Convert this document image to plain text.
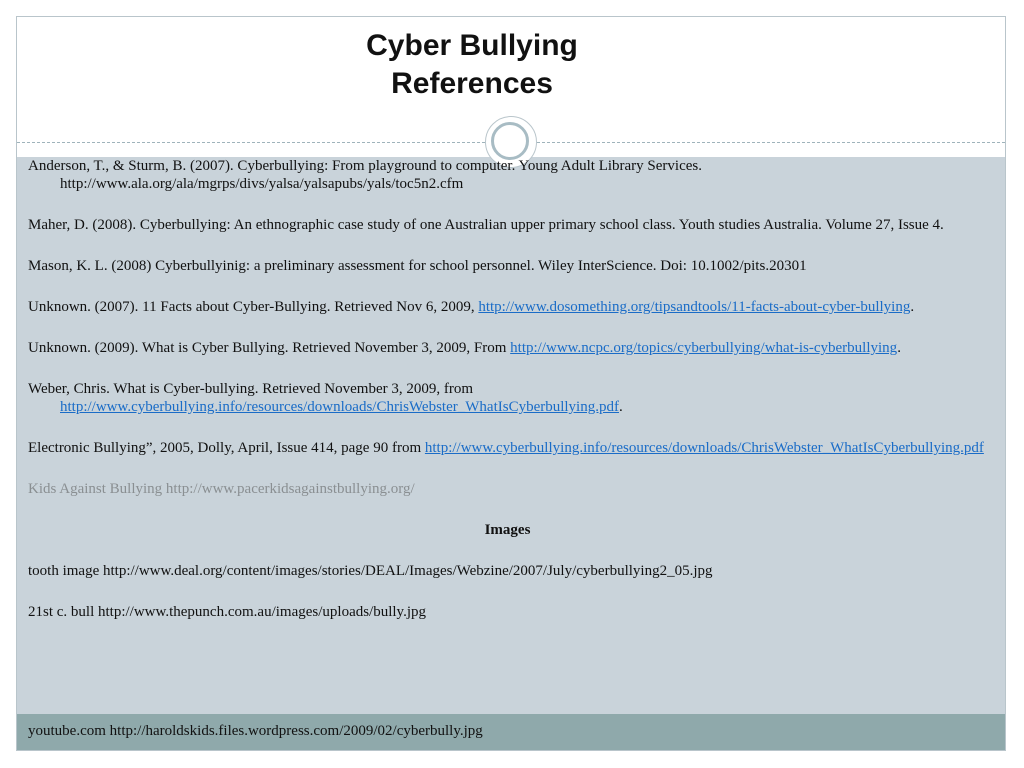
Cyber Bullying
References
Anderson, T., & Sturm, B. (2007). Cyberbullying: From playground to computer. Young Adult Library Services. http://www.ala.org/ala/mgrps/divs/yalsa/yalsapubs/yals/toc5n2.cfm
Maher, D. (2008). Cyberbullying: An ethnographic case study of one Australian upper primary school class. Youth studies Australia. Volume 27, Issue 4.
Mason, K. L. (2008) Cyberbullyinig: a preliminary assessment for school personnel. Wiley InterScience. Doi: 10.1002/pits.20301
Unknown. (2007). 11 Facts about Cyber-Bullying. Retrieved Nov 6, 2009, http://www.dosomething.org/tipsandtools/11-facts-about-cyber-bullying.
Unknown. (2009). What is Cyber Bullying. Retrieved November 3, 2009, From http://www.ncpc.org/topics/cyberbullying/what-is-cyberbullying.
Weber, Chris. What is Cyber-bullying. Retrieved November 3, 2009, from http://www.cyberbullying.info/resources/downloads/ChrisWebster_WhatIsCyberbullying.pdf.
Electronic Bullying”, 2005, Dolly, April, Issue 414, page 90 from http://www.cyberbullying.info/resources/downloads/ChrisWebster_WhatIsCyberbullying.pdf
Kids Against Bullying http://www.pacerkidsagainstbullying.org/
Images
tooth image http://www.deal.org/content/images/stories/DEAL/Images/Webzine/2007/July/cyberbullying2_05.jpg
21st c. bull http://www.thepunch.com.au/images/uploads/bully.jpg
youtube.com http://haroldskids.files.wordpress.com/2009/02/cyberbully.jpg
